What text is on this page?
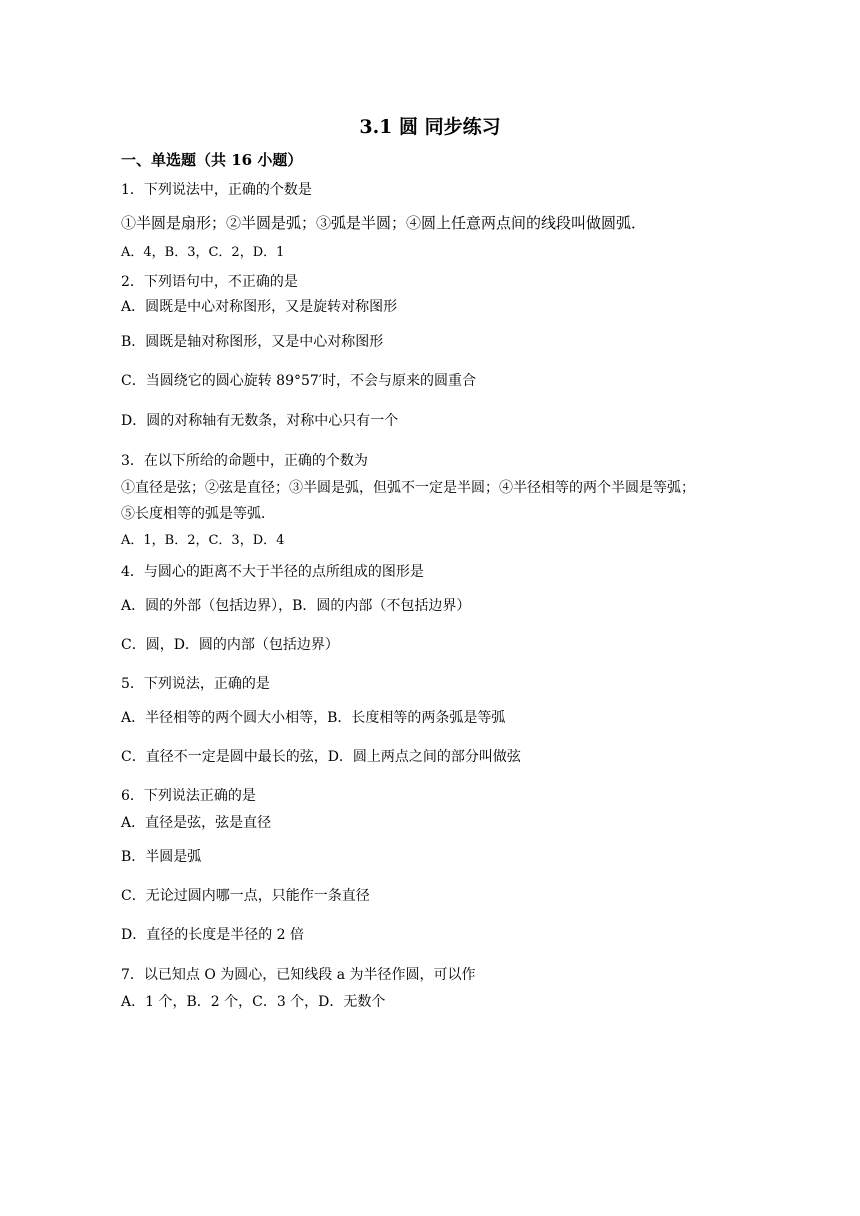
3.1 圆 同步练习
一、单选题（共 16 小题）
1．下列说法中，正确的个数是
①半圆是扇形；②半圆是弧；③弧是半圆；④圆上任意两点间的线段叫做圆弧．
A．4，B．3，C．2，D．1
2．下列语句中，不正确的是
A．圆既是中心对称图形，又是旋转对称图形
B．圆既是轴对称图形，又是中心对称图形
C．当圆绕它的圆心旋转 89°57′时，不会与原来的圆重合
D．圆的对称轴有无数条，对称中心只有一个
3．在以下所给的命题中，正确的个数为
①直径是弦；②弦是直径；③半圆是弧，但弧不一定是半圆；④半径相等的两个半圆是等弧；
⑤长度相等的弧是等弧．
A．1，B．2，C．3，D．4
4．与圆心的距离不大于半径的点所组成的图形是
A．圆的外部（包括边界），B．圆的内部（不包括边界）
C．圆，D．圆的内部（包括边界）
5．下列说法，正确的是
A．半径相等的两个圆大小相等，B．长度相等的两条弧是等弧
C．直径不一定是圆中最长的弦，D．圆上两点之间的部分叫做弦
6．下列说法正确的是
A．直径是弦，弦是直径
B．半圆是弧
C．无论过圆内哪一点，只能作一条直径
D．直径的长度是半径的 2 倍
7．以已知点 O 为圆心，已知线段 a 为半径作圆，可以作
A．1 个，B．2 个，C．3 个，D．无数个
